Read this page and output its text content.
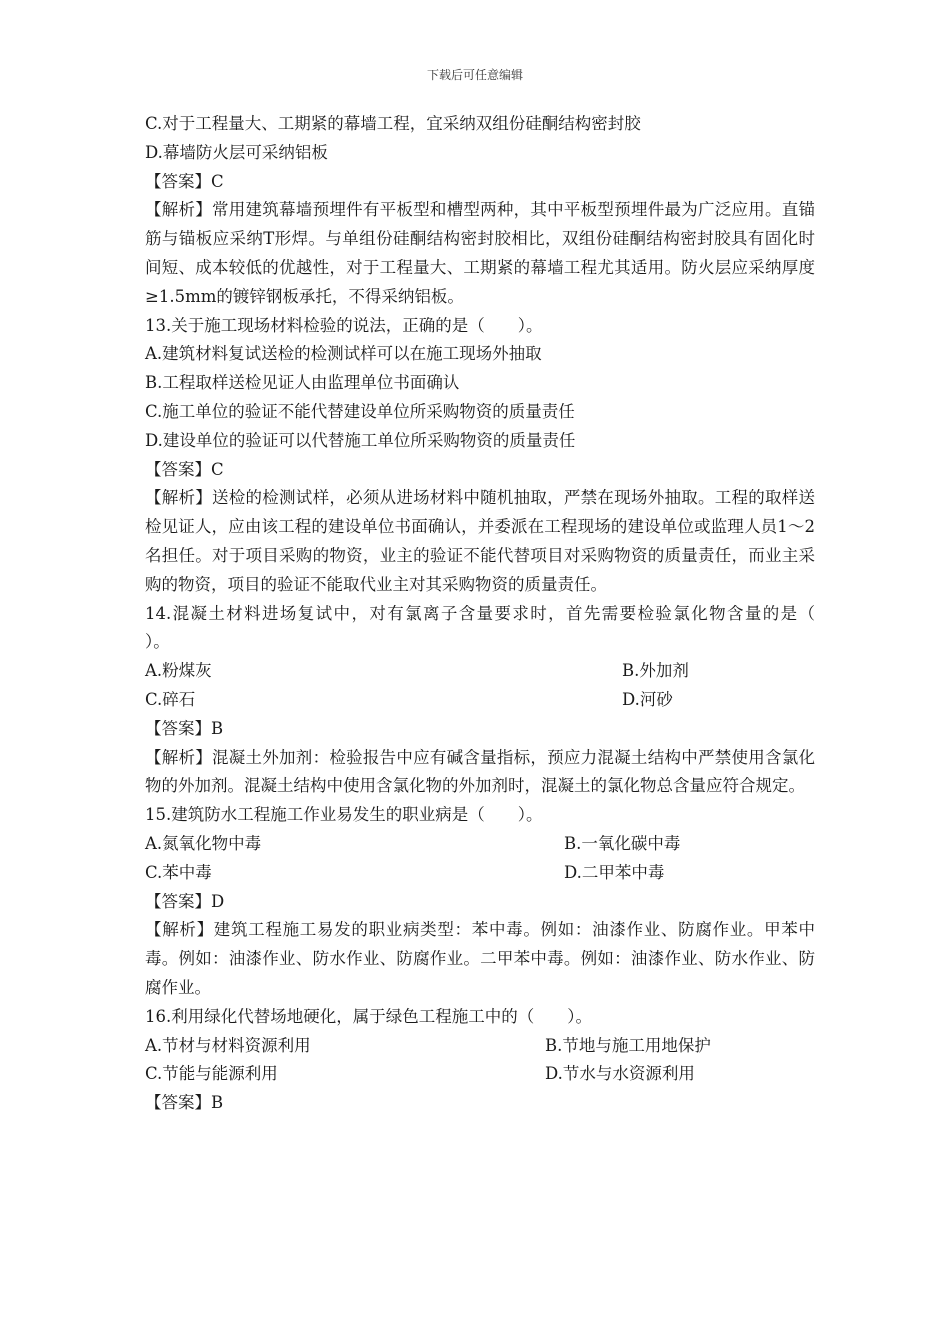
下载后可任意编辑
C.对于工程量大、工期紧的幕墙工程，宜采纳双组份硅酮结构密封胶
D.幕墙防火层可采纳铝板
【答案】C
【解析】常用建筑幕墙预埋件有平板型和槽型两种，其中平板型预埋件最为广泛应用。直锚筋与锚板应采纳T形焊。与单组份硅酮结构密封胶相比，双组份硅酮结构密封胶具有固化时间短、成本较低的优越性，对于工程量大、工期紧的幕墙工程尤其适用。防火层应采纳厚度≥1.5mm的镀锌钢板承托，不得采纳铝板。
13.关于施工现场材料检验的说法，正确的是（　　）。
A.建筑材料复试送检的检测试样可以在施工现场外抽取
B.工程取样送检见证人由监理单位书面确认
C.施工单位的验证不能代替建设单位所采购物资的质量责任
D.建设单位的验证可以代替施工单位所采购物资的质量责任
【答案】C
【解析】送检的检测试样，必须从进场材料中随机抽取，严禁在现场外抽取。工程的取样送检见证人，应由该工程的建设单位书面确认，并委派在工程现场的建设单位或监理人员1～2名担任。对于项目采购的物资，业主的验证不能代替项目对采购物资的质量责任，而业主采购的物资，项目的验证不能取代业主对其采购物资的质量责任。
14.混凝土材料进场复试中，对有氯离子含量要求时，首先需要检验氯化物含量的是（　　）。
A.粉煤灰	B.外加剂
C.碎石	D.河砂
【答案】B
【解析】混凝土外加剂：检验报告中应有碱含量指标，预应力混凝土结构中严禁使用含氯化物的外加剂。混凝土结构中使用含氯化物的外加剂时，混凝土的氯化物总含量应符合规定。
15.建筑防水工程施工作业易发生的职业病是（　　）。
A.氮氧化物中毒	B.一氧化碳中毒
C.苯中毒	D.二甲苯中毒
【答案】D
【解析】建筑工程施工易发的职业病类型：苯中毒。例如：油漆作业、防腐作业。甲苯中毒。例如：油漆作业、防水作业、防腐作业。二甲苯中毒。例如：油漆作业、防水作业、防腐作业。
16.利用绿化代替场地硬化，属于绿色工程施工中的（　　）。
A.节材与材料资源利用	B.节地与施工用地保护
C.节能与能源利用	D.节水与水资源利用
【答案】B
